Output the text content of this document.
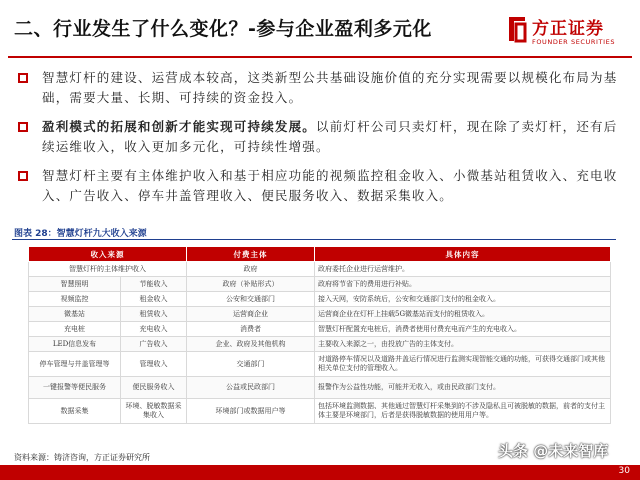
二、行业发生了什么变化？-参与企业盈利多元化	方正证券
FOUNDER SECURITIES
智慧灯杆的建设、运营成本较高，这类新型公共基础设施价值的充分实现需要以规模化布局为基础，需要大量、长期、可持续的资金投入。
盈利模式的拓展和创新才能实现可持续发展。以前灯杆公司只卖灯杆，现在除了卖灯杆，还有后续运维收入，收入更加多元化，可持续性增强。
智慧灯杆主要有主体维护收入和基于相应功能的视频监控租金收入、小微基站租赁收入、充电收入、广告收入、停车井盖管理收入、便民服务收入、数据采集收入。
图表 28：智慧灯杆九大收入来源
收入来源		付费主体	具体内容
智慧灯杆的主体维护收入		政府	政府委托企业进行运营维护。
智慧照明	节能收入	政府（补贴形式）	政府将节省下的费用进行补贴。
视频监控	租金收入	公安和交通部门	接入天网，安防系统后，公安和交通部门支付的租金收入。
微基站	租赁收入	运营商企业	运营商企业在灯杆上挂载5G微基站而支付的租赁收入。
充电桩	充电收入	消费者	智慧灯杆配置充电桩后，消费者使用付费充电而产生的充电收入。
LED信息发布	广告收入	企业、政府及其他机构	主要收入来源之一，由投放广告的主体支付。
停车管理与井盖管理等	管理收入	交通部门	对道路停车情况以及道路井盖运行情况进行监测实现智能交通的功能，可获得交通部门或其他相关单位支付的管理收入。
一键报警等便民服务	便民服务收入	公益或民政部门	报警作为公益性功能，可能并无收入，或由民政部门支付。
数据采集	环境、脱敏数据采集收入	环境部门或数据用户等	包括环境监测数据、其他通过智慧灯杆采集到的不涉及隐私且可被脱敏的数据，前者的支付主体主要是环境部门，后者是获得脱敏数据的使用用户等。
资料来源：铸济咨询，方正证券研究所	头条 @未来智库
30
